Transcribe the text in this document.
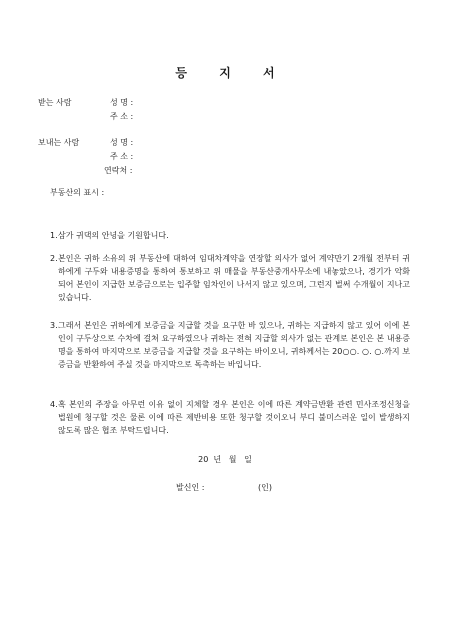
등 지 서
받는 사람	성 명 :
주 소 :
보내는 사람	성 명 :
주 소 :
연락처 :
부동산의 표시 :
1. 삼가 귀댁의 안녕을 기원합니다.
2. 본인은 귀하 소유의 위 부동산에 대하여 임대차계약을 연장할 의사가 없어 계약만기 2개월 전부터 귀하에게 구두와 내용증명을 통하여 통보하고 위 매물을 부동산중개사무소에 내놓았으나, 경기가 악화되어 본인이 지급한 보증금으로는 입주할 임차인이 나서지 않고 있으며, 그런지 벌써 수개월이 지나고 있습니다.
3. 그래서 본인은 귀하에게 보증금을 지급할 것을 요구한 바 있으나, 귀하는 지급하지 않고 있어 이에 본인이 구두상으로 수차에 걸쳐 요구하였으나 귀하는 전혀 지급할 의사가 없는 관계로 본인은 본 내용증명을 통하여 마지막으로 보증금을 지급할 것을 요구하는 바이오니, 귀하께서는 20○○. ○. ○.까지 보증금을 반환하여 주실 것을 마지막으로 독촉하는 바입니다.
4. 혹 본인의 주장을 아무런 이유 없이 지체할 경우 본인은 이에 따른 계약금반환 관련 민사조정신청을 법원에 청구할 것은 물론 이에 따른 제반비용 또한 청구할 것이오니 부디 불미스러운 일이 발생하지 않도록 많은 협조 부탁드립니다.
20  년   월   일
발신인 :	(인)
